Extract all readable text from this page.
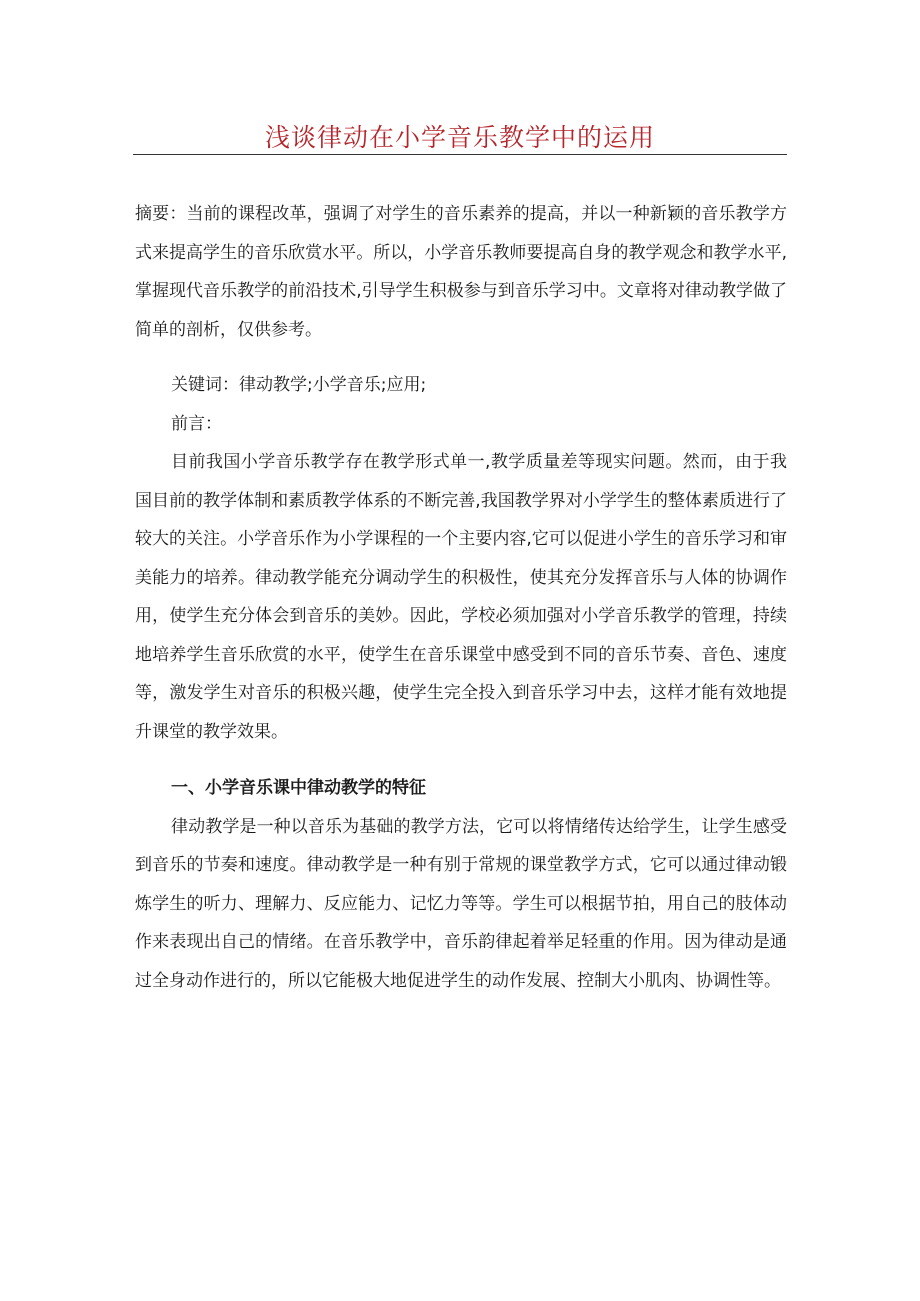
浅谈律动在小学音乐教学中的运用

摘要：当前的课程改革，强调了对学生的音乐素养的提高，并以一种新颖的音乐教学方式来提高学生的音乐欣赏水平。所以，小学音乐教师要提高自身的教学观念和教学水平,掌握现代音乐教学的前沿技术,引导学生积极参与到音乐学习中。文章将对律动教学做了简单的剖析，仅供参考。

关键词：律动教学;小学音乐;应用;

前言：

目前我国小学音乐教学存在教学形式单一,教学质量差等现实问题。然而，由于我国目前的教学体制和素质教学体系的不断完善,我国教学界对小学学生的整体素质进行了较大的关注。小学音乐作为小学课程的一个主要内容,它可以促进小学生的音乐学习和审美能力的培养。律动教学能充分调动学生的积极性，使其充分发挥音乐与人体的协调作用，使学生充分体会到音乐的美妙。因此，学校必须加强对小学音乐教学的管理，持续地培养学生音乐欣赏的水平，使学生在音乐课堂中感受到不同的音乐节奏、音色、速度等，激发学生对音乐的积极兴趣，使学生完全投入到音乐学习中去，这样才能有效地提升课堂的教学效果。

一、小学音乐课中律动教学的特征

律动教学是一种以音乐为基础的教学方法，它可以将情绪传达给学生，让学生感受到音乐的节奏和速度。律动教学是一种有别于常规的课堂教学方式，它可以通过律动锻炼学生的听力、理解力、反应能力、记忆力等等。学生可以根据节拍，用自己的肢体动作来表现出自己的情绪。在音乐教学中，音乐韵律起着举足轻重的作用。因为律动是通过全身动作进行的，所以它能极大地促进学生的动作发展、控制大小肌肉、协调性等。
